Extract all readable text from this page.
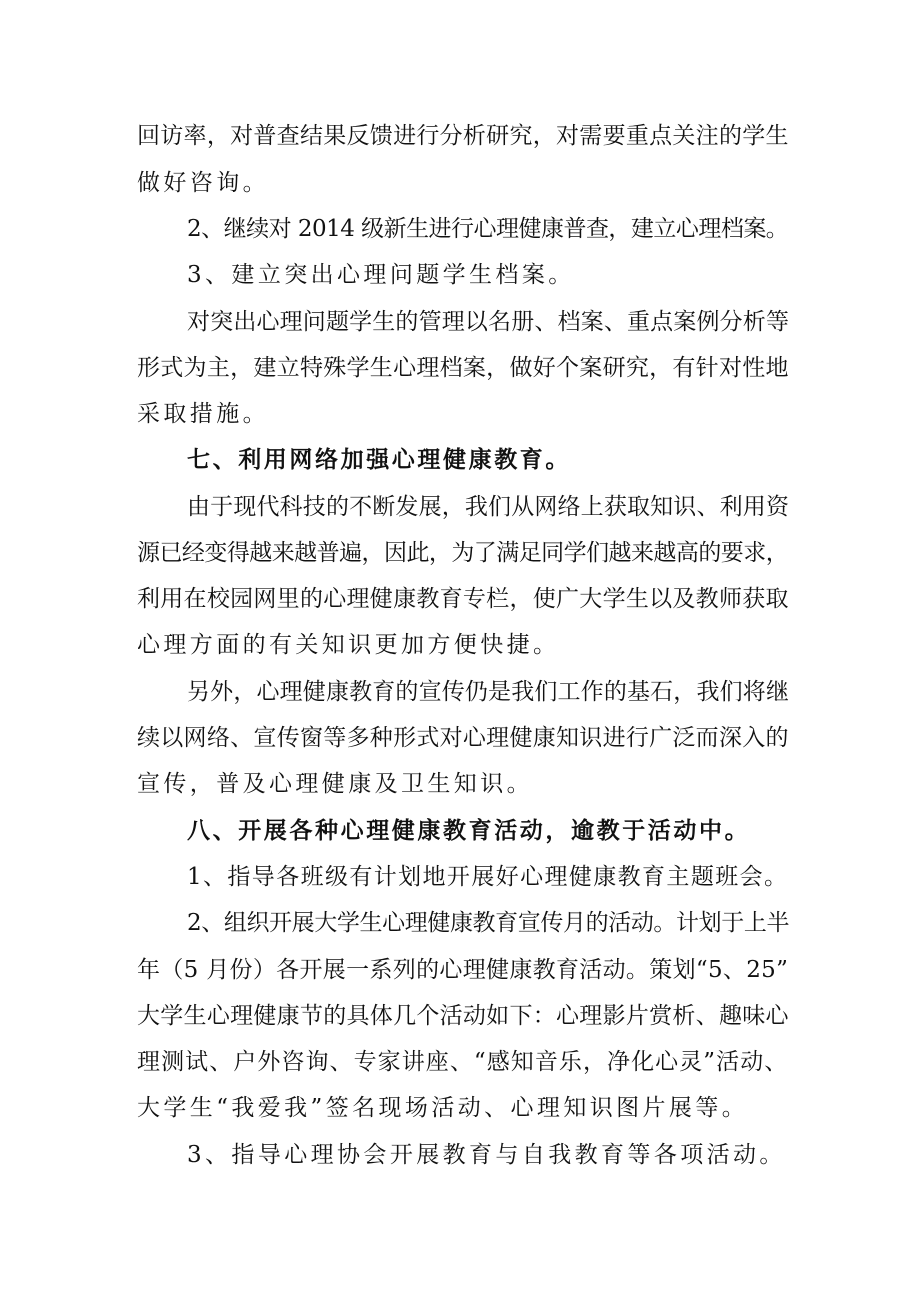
回访率，对普查结果反馈进行分析研究，对需要重点关注的学生
做好咨询。
2、继续对 2014 级新生进行心理健康普查，建立心理档案。
3、建立突出心理问题学生档案。
对突出心理问题学生的管理以名册、档案、重点案例分析等
形式为主，建立特殊学生心理档案，做好个案研究，有针对性地
采取措施。
七、利用网络加强心理健康教育。
由于现代科技的不断发展，我们从网络上获取知识、利用资
源已经变得越来越普遍，因此，为了满足同学们越来越高的要求，
利用在校园网里的心理健康教育专栏，使广大学生以及教师获取
心理方面的有关知识更加方便快捷。
另外，心理健康教育的宣传仍是我们工作的基石，我们将继
续以网络、宣传窗等多种形式对心理健康知识进行广泛而深入的
宣传，普及心理健康及卫生知识。
八、开展各种心理健康教育活动，逾教于活动中。
1、指导各班级有计划地开展好心理健康教育主题班会。
2、组织开展大学生心理健康教育宣传月的活动。计划于上半
年（5 月份）各开展一系列的心理健康教育活动。策划“5、25”
大学生心理健康节的具体几个活动如下：心理影片赏析、趣味心
理测试、户外咨询、专家讲座、“感知音乐，净化心灵”活动、
大学生“我爱我”签名现场活动、心理知识图片展等。
3、指导心理协会开展教育与自我教育等各项活动。
